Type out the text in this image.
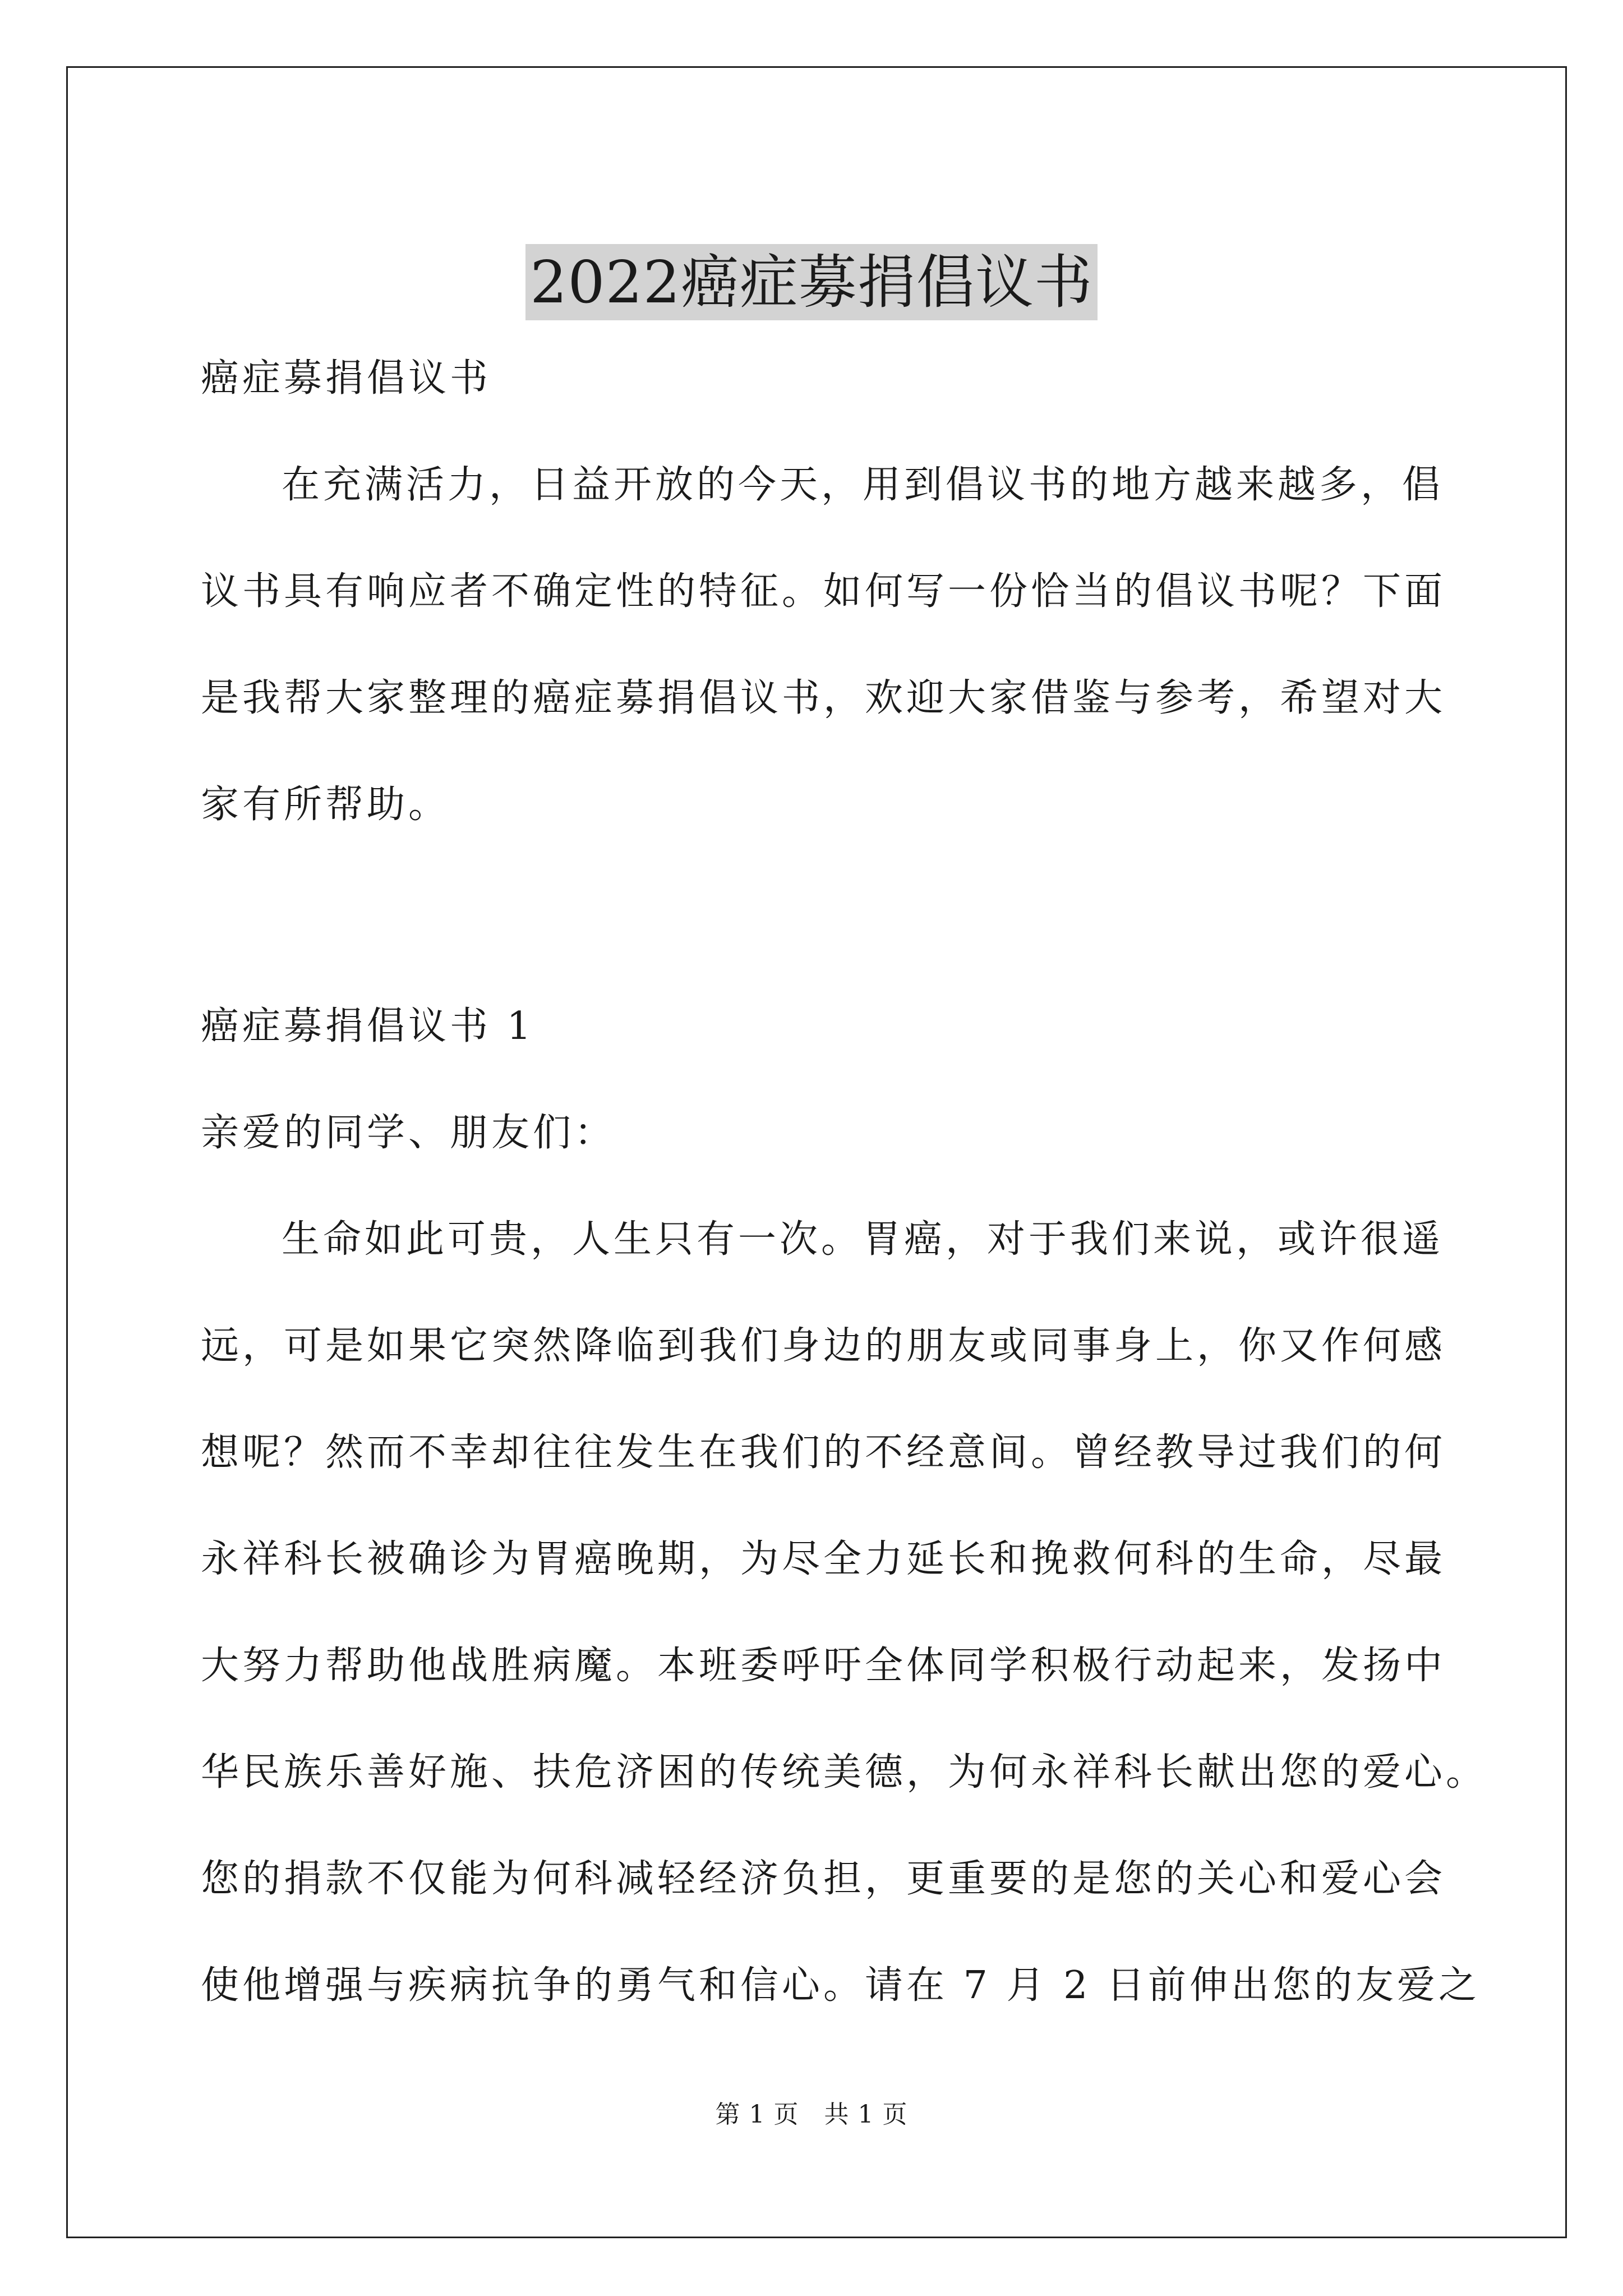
2022癌症募捐倡议书
癌症募捐倡议书
在充满活力，日益开放的今天，用到倡议书的地方越来越多，倡
议书具有响应者不确定性的特征。如何写一份恰当的倡议书呢？下面
是我帮大家整理的癌症募捐倡议书，欢迎大家借鉴与参考，希望对大
家有所帮助。
癌症募捐倡议书 1
亲爱的同学、朋友们：
生命如此可贵，人生只有一次。胃癌，对于我们来说，或许很遥
远，可是如果它突然降临到我们身边的朋友或同事身上，你又作何感
想呢？然而不幸却往往发生在我们的不经意间。曾经教导过我们的何
永祥科长被确诊为胃癌晚期，为尽全力延长和挽救何科的生命，尽最
大努力帮助他战胜病魔。本班委呼吁全体同学积极行动起来，发扬中
华民族乐善好施、扶危济困的传统美德，为何永祥科长献出您的爱心。
您的捐款不仅能为何科减轻经济负担，更重要的是您的关心和爱心会
使他增强与疾病抗争的勇气和信心。请在 7 月 2 日前伸出您的友爱之
第 1 页　共 1 页
